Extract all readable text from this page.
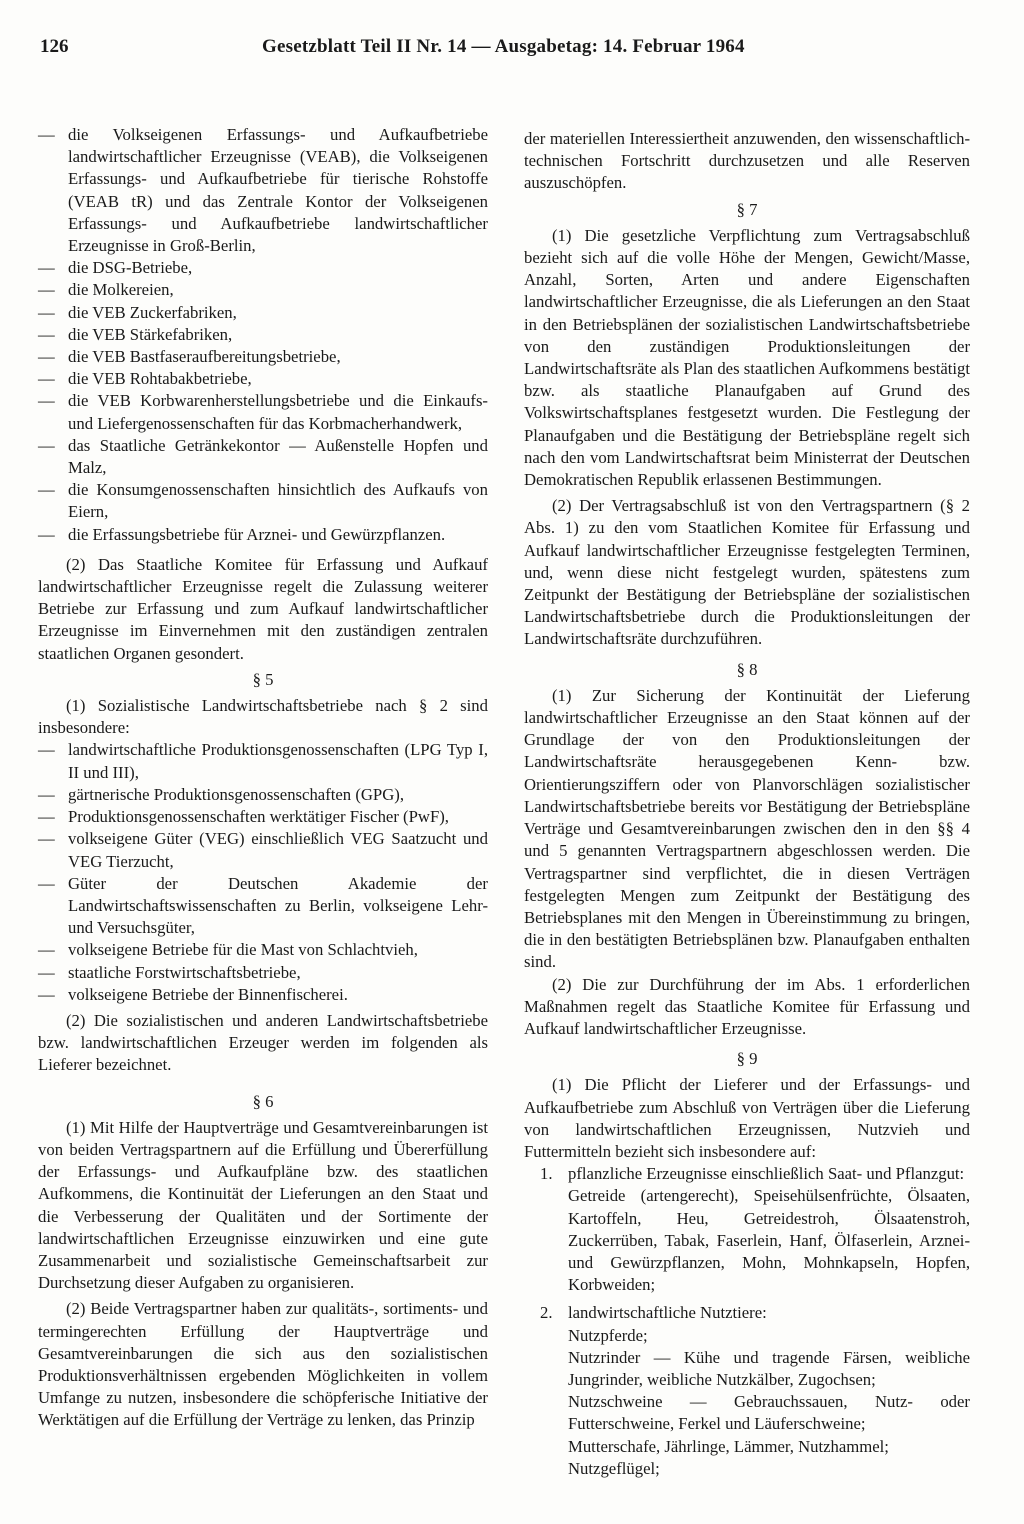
126	Gesetzblatt Teil II Nr. 14 — Ausgabetag: 14. Februar 1964
— die Volkseigenen Erfassungs- und Aufkaufbetriebe landwirtschaftlicher Erzeugnisse (VEAB), die Volkseigenen Erfassungs- und Aufkaufbetriebe für tierische Rohstoffe (VEAB tR) und das Zentrale Kontor der Volkseigenen Erfassungs- und Aufkaufbetriebe landwirtschaftlicher Erzeugnisse in Groß-Berlin,
— die DSG-Betriebe,
— die Molkereien,
— die VEB Zuckerfabriken,
— die VEB Stärkefabriken,
— die VEB Bastfaseraufbereitungsbetriebe,
— die VEB Rohtabakbetriebe,
— die VEB Korbwarenherstellungsbetriebe und die Einkaufs- und Liefergenossenschaften für das Korbmacherhandwerk,
— das Staatliche Getränkekontor — Außenstelle Hopfen und Malz,
— die Konsumgenossenschaften hinsichtlich des Aufkaufs von Eiern,
— die Erfassungsbetriebe für Arznei- und Gewürzpflanzen.

(2) Das Staatliche Komitee für Erfassung und Aufkauf landwirtschaftlicher Erzeugnisse regelt die Zulassung weiterer Betriebe zur Erfassung und zum Aufkauf landwirtschaftlicher Erzeugnisse im Einvernehmen mit den zuständigen zentralen staatlichen Organen gesondert.

§ 5

(1) Sozialistische Landwirtschaftsbetriebe nach § 2 sind insbesondere:

— landwirtschaftliche Produktionsgenossenschaften (LPG Typ I, II und III),
— gärtnerische Produktionsgenossenschaften (GPG),
— Produktionsgenossenschaften werktätiger Fischer (PwF),
— volkseigene Güter (VEG) einschließlich VEG Saatzucht und VEG Tierzucht,
— Güter der Deutschen Akademie der Landwirtschaftswissenschaften zu Berlin, volkseigene Lehr- und Versuchsgüter,
— volkseigene Betriebe für die Mast von Schlachtvieh,
— staatliche Forstwirtschaftsbetriebe,
— volkseigene Betriebe der Binnenfischerei.

(2) Die sozialistischen und anderen Landwirtschaftsbetriebe bzw. landwirtschaftlichen Erzeuger werden im folgenden als Lieferer bezeichnet.

§ 6

(1) Mit Hilfe der Hauptverträge und Gesamtvereinbarungen ist von beiden Vertragspartnern auf die Erfüllung und Übererfüllung der Erfassungs- und Aufkaufpläne bzw. des staatlichen Aufkommens, die Kontinuität der Lieferungen an den Staat und die Verbesserung der Qualitäten und der Sortimente der landwirtschaftlichen Erzeugnisse einzuwirken und eine gute Zusammenarbeit und sozialistische Gemeinschaftsarbeit zur Durchsetzung dieser Aufgaben zu organisieren.

(2) Beide Vertragspartner haben zur qualitäts-, sortiments- und termingerechten Erfüllung der Hauptverträge und Gesamtvereinbarungen die sich aus den sozialistischen Produktionsverhältnissen ergebenden Möglichkeiten in vollem Umfange zu nutzen, insbesondere die schöpferische Initiative der Werktätigen auf die Erfüllung der Verträge zu lenken, das Prinzip

der materiellen Interessiertheit anzuwenden, den wissenschaftlich-technischen Fortschritt durchzusetzen und alle Reserven auszuschöpfen.

§ 7

(1) Die gesetzliche Verpflichtung zum Vertragsabschluß bezieht sich auf die volle Höhe der Mengen, Gewicht/Masse, Anzahl, Sorten, Arten und andere Eigenschaften landwirtschaftlicher Erzeugnisse, die als Lieferungen an den Staat in den Betriebsplänen der sozialistischen Landwirtschaftsbetriebe von den zuständigen Produktionsleitungen der Landwirtschaftsräte als Plan des staatlichen Aufkommens bestätigt bzw. als staatliche Planaufgaben auf Grund des Volkswirtschaftsplanes festgesetzt wurden. Die Festlegung der Planaufgaben und die Bestätigung der Betriebspläne regelt sich nach den vom Landwirtschaftsrat beim Ministerrat der Deutschen Demokratischen Republik erlassenen Bestimmungen.

(2) Der Vertragsabschluß ist von den Vertragspartnern (§ 2 Abs. 1) zu den vom Staatlichen Komitee für Erfassung und Aufkauf landwirtschaftlicher Erzeugnisse festgelegten Terminen, und, wenn diese nicht festgelegt wurden, spätestens zum Zeitpunkt der Bestätigung der Betriebspläne der sozialistischen Landwirtschaftsbetriebe durch die Produktionsleitungen der Landwirtschaftsräte durchzuführen.

§ 8

(1) Zur Sicherung der Kontinuität der Lieferung landwirtschaftlicher Erzeugnisse an den Staat können auf der Grundlage der von den Produktionsleitungen der Landwirtschaftsräte herausgegebenen Kenn- bzw. Orientierungsziffern oder von Planvorschlägen sozialistischer Landwirtschaftsbetriebe bereits vor Bestätigung der Betriebspläne Verträge und Gesamtvereinbarungen zwischen den in den §§ 4 und 5 genannten Vertragspartnern abgeschlossen werden. Die Vertragspartner sind verpflichtet, die in diesen Verträgen festgelegten Mengen zum Zeitpunkt der Bestätigung des Betriebsplanes mit den Mengen in Übereinstimmung zu bringen, die in den bestätigten Betriebsplänen bzw. Planaufgaben enthalten sind.

(2) Die zur Durchführung der im Abs. 1 erforderlichen Maßnahmen regelt das Staatliche Komitee für Erfassung und Aufkauf landwirtschaftlicher Erzeugnisse.

§ 9

(1) Die Pflicht der Lieferer und der Erfassungs- und Aufkaufbetriebe zum Abschluß von Verträgen über die Lieferung von landwirtschaftlichen Erzeugnissen, Nutzvieh und Futtermitteln bezieht sich insbesondere auf:

1. pflanzliche Erzeugnisse einschließlich Saat- und Pflanzgut:
Getreide (artengerecht), Speisehülsenfrüchte, Ölsaaten, Kartoffeln, Heu, Getreidestroh, Ölsaatenstroh, Zuckerrüben, Tabak, Faserlein, Hanf, Ölfaserlein, Arznei- und Gewürzpflanzen, Mohn, Mohnkapseln, Hopfen, Korbweiden;
2. landwirtschaftliche Nutztiere:
Nutzpferde;
Nutzrinder — Kühe und tragende Färsen, weibliche Jungrinder, weibliche Nutzkälber, Zugochsen;
Nutzschweine — Gebrauchssauen, Nutz- oder Futterschweine, Ferkel und Läuferschweine;
Mutterschafe, Jährlinge, Lämmer, Nutzhammel;
Nutzgeflügel;
